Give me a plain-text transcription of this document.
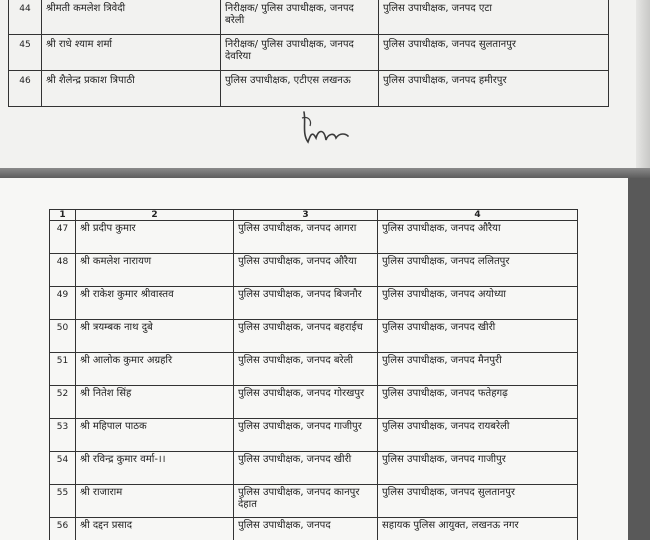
44	श्रीमती कमलेश त्रिवेदी	निरीक्षक/ पुलिस उपाधीक्षक, जनपद बरेली	पुलिस उपाधीक्षक, जनपद एटा
45	श्री राधे श्याम शर्मा	निरीक्षक/ पुलिस उपाधीक्षक, जनपद देवरिया	पुलिस उपाधीक्षक, जनपद सुलतानपुर
46	श्री शैलेन्द्र प्रकाश त्रिपाठी	पुलिस उपाधीक्षक, एटीएस लखनऊ	पुलिस उपाधीक्षक, जनपद हमीरपुर
1	2	3	4
47	श्री प्रदीप कुमार	पुलिस उपाधीक्षक, जनपद आगरा	पुलिस उपाधीक्षक, जनपद औरैया
48	श्री कमलेश नारायण	पुलिस उपाधीक्षक, जनपद औरैया	पुलिस उपाधीक्षक, जनपद ललितपुर
49	श्री राकेश कुमार श्रीवास्तव	पुलिस उपाधीक्षक, जनपद बिजनौर	पुलिस उपाधीक्षक, जनपद अयोध्या
50	श्री त्रयम्बक नाथ दुबे	पुलिस उपाधीक्षक, जनपद बहराईच	पुलिस उपाधीक्षक, जनपद खीरी
51	श्री आलोक कुमार अग्रहरि	पुलिस उपाधीक्षक, जनपद बरेली	पुलिस उपाधीक्षक, जनपद मैनपुरी
52	श्री नितेश सिंह	पुलिस उपाधीक्षक, जनपद गोरखपुर	पुलिस उपाधीक्षक, जनपद फतेहगढ़
53	श्री महिपाल पाठक	पुलिस उपाधीक्षक, जनपद गाजीपुर	पुलिस उपाधीक्षक, जनपद रायबरेली
54	श्री रविन्द्र कुमार वर्मा-।।	पुलिस उपाधीक्षक, जनपद खीरी	पुलिस उपाधीक्षक, जनपद गाजीपुर
55	श्री राजाराम	पुलिस उपाधीक्षक, जनपद कानपुर देहात	पुलिस उपाधीक्षक, जनपद सुलतानपुर
56	श्री दद्दन प्रसाद	पुलिस उपाधीक्षक, जनपद	सहायक पुलिस आयुक्त, लखनऊ नगर
